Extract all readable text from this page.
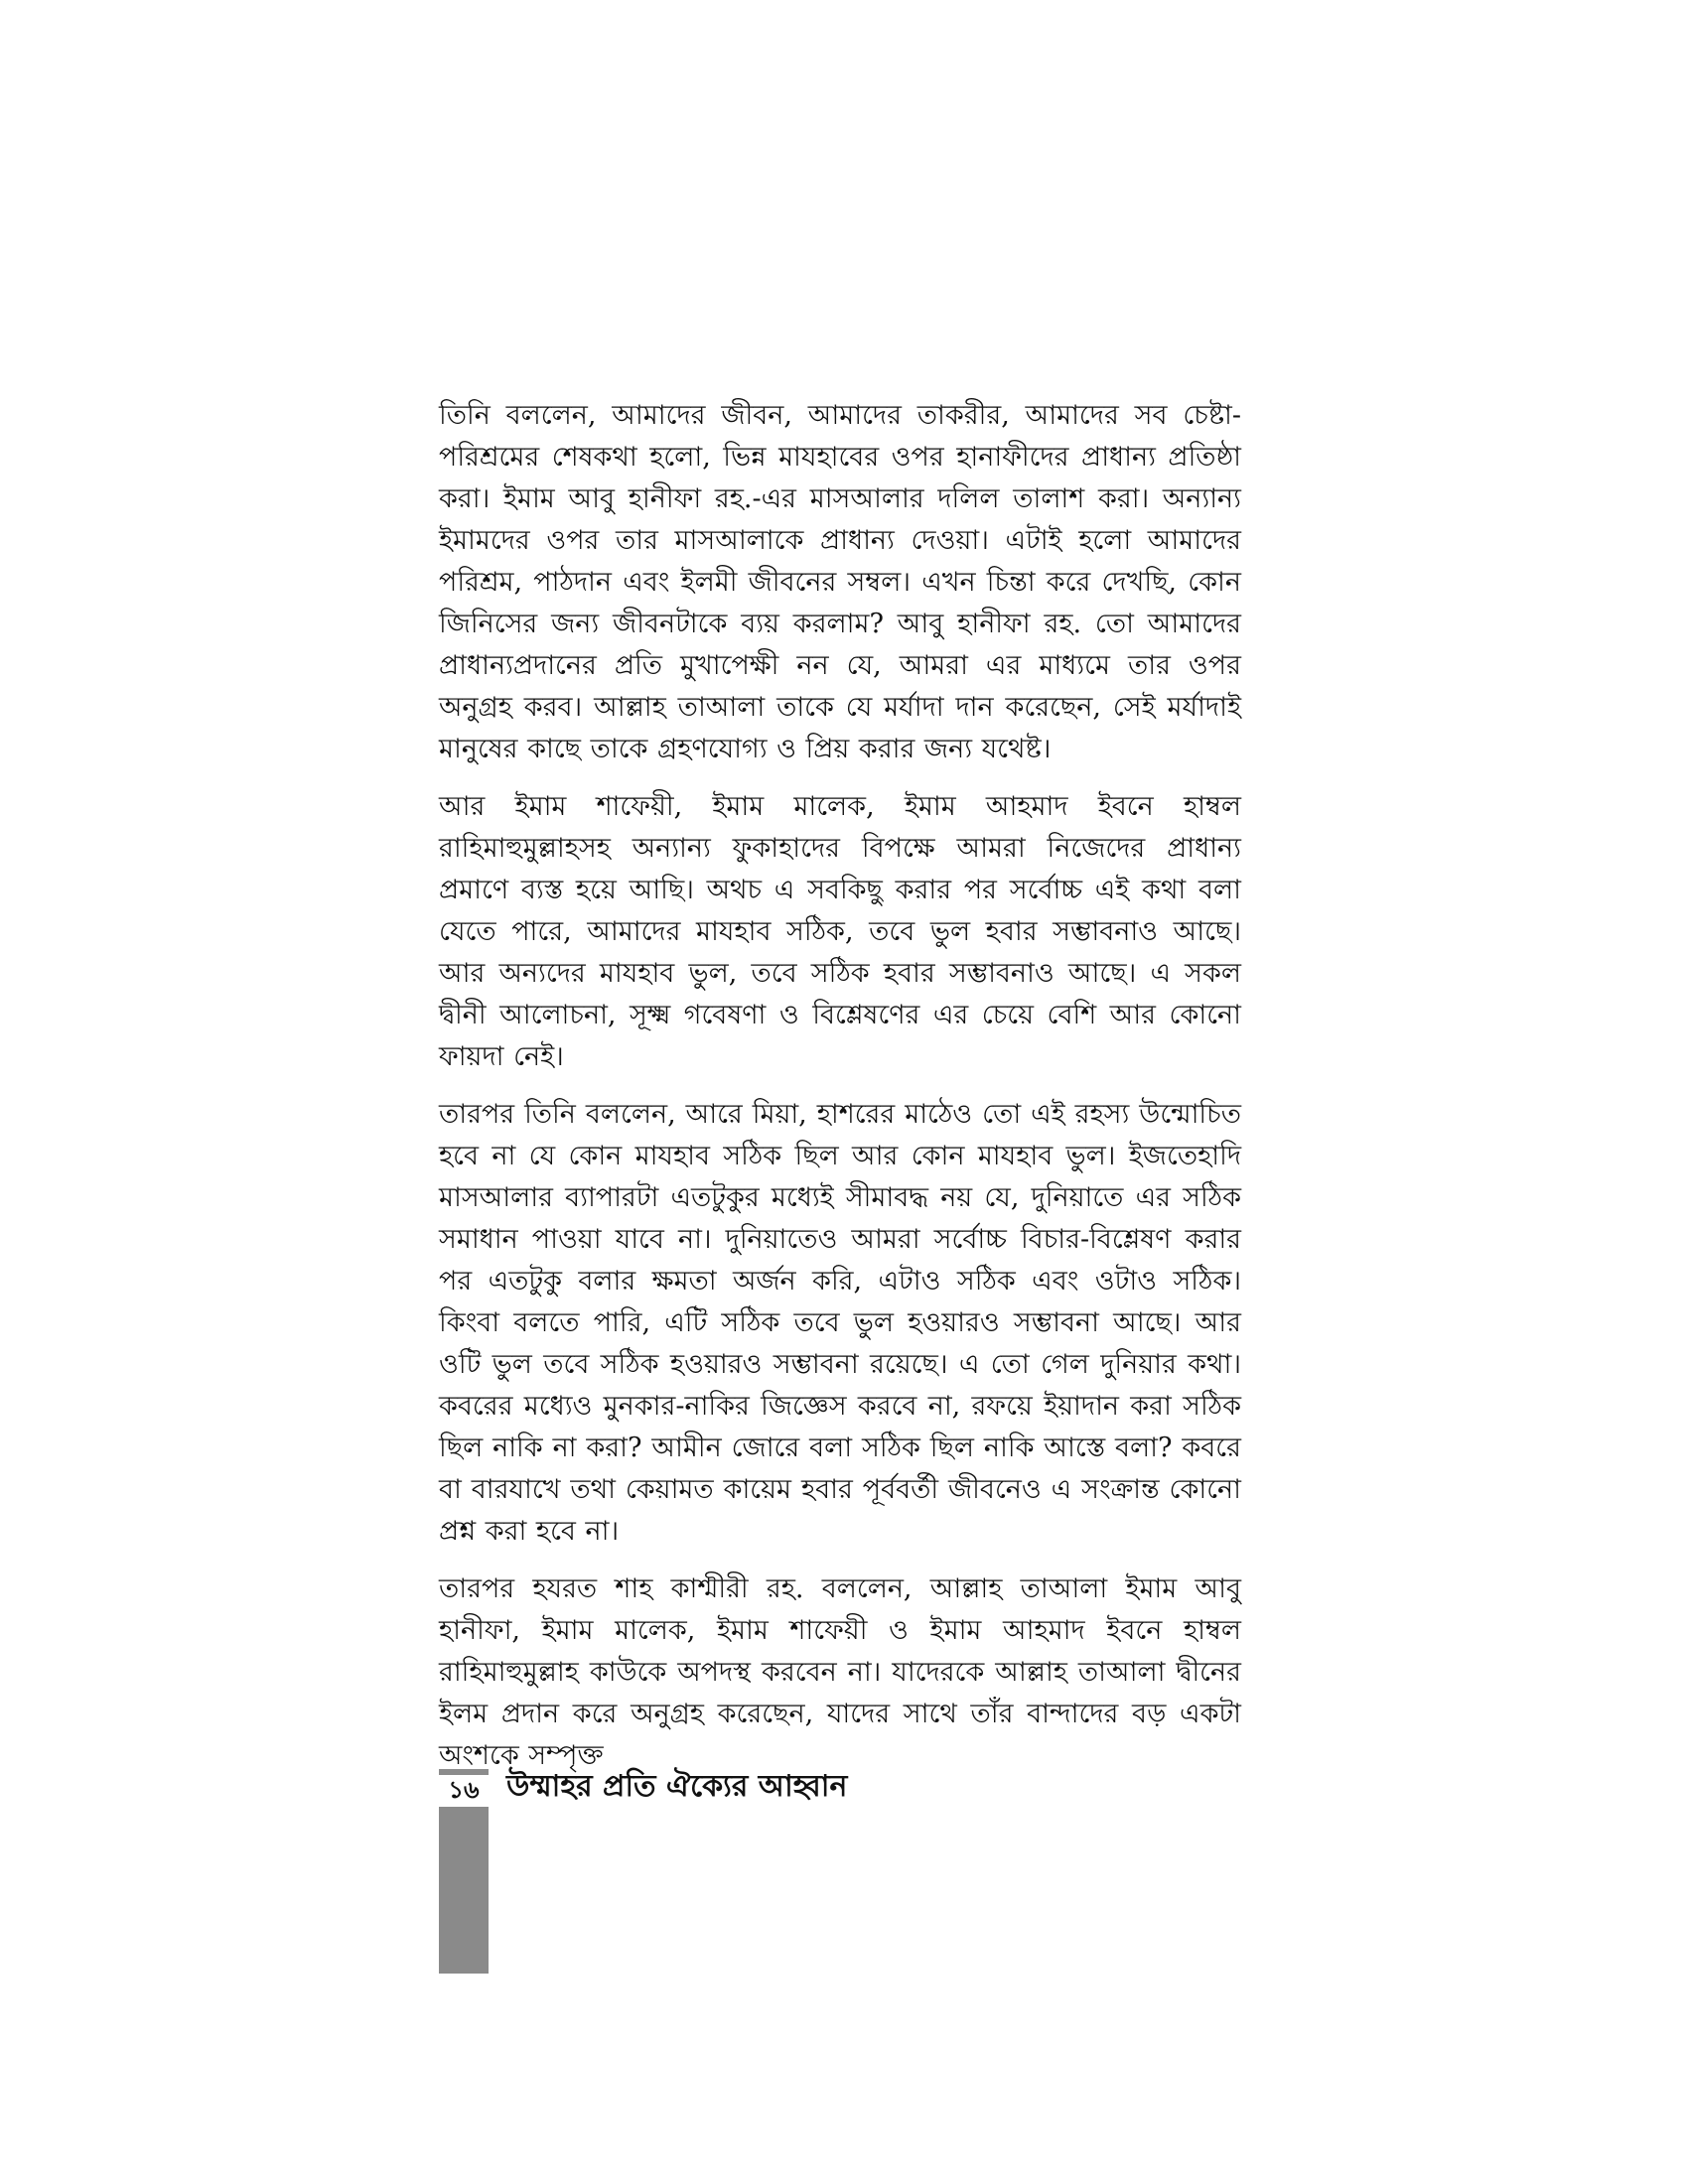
তিনি বললেন, আমাদের জীবন, আমাদের তাকরীর, আমাদের সব চেষ্টা-পরিশ্রমের শেষকথা হলো, ভিন্ন মাযহাবের ওপর হানাফীদের প্রাধান্য প্রতিষ্ঠা করা। ইমাম আবু হানীফা রহ.-এর মাসআলার দলিল তালাশ করা। অন্যান্য ইমামদের ওপর তার মাসআলাকে প্রাধান্য দেওয়া। এটাই হলো আমাদের পরিশ্রম, পাঠদান এবং ইলমী জীবনের সম্বল। এখন চিন্তা করে দেখছি, কোন জিনিসের জন্য জীবনটাকে ব্যয় করলাম? আবু হানীফা রহ. তো আমাদের প্রাধান্যপ্রদানের প্রতি মুখাপেক্ষী নন যে, আমরা এর মাধ্যমে তার ওপর অনুগ্রহ করব। আল্লাহ তাআলা তাকে যে মর্যাদা দান করেছেন, সেই মর্যাদাই মানুষের কাছে তাকে গ্রহণযোগ্য ও প্রিয় করার জন্য যথেষ্ট।

আর ইমাম শাফেয়ী, ইমাম মালেক, ইমাম আহমাদ ইবনে হাম্বল রাহিমাহুমুল্লাহসহ অন্যান্য ফুকাহাদের বিপক্ষে আমরা নিজেদের প্রাধান্য প্রমাণে ব্যস্ত হয়ে আছি। অথচ এ সবকিছু করার পর সর্বোচ্চ এই কথা বলা যেতে পারে, আমাদের মাযহাব সঠিক, তবে ভুল হবার সম্ভাবনাও আছে। আর অন্যদের মাযহাব ভুল, তবে সঠিক হবার সম্ভাবনাও আছে। এ সকল দ্বীনী আলোচনা, সূক্ষ্ম গবেষণা ও বিশ্লেষণের এর চেয়ে বেশি আর কোনো ফায়দা নেই।

তারপর তিনি বললেন, আরে মিয়া, হাশরের মাঠেও তো এই রহস্য উন্মোচিত হবে না যে কোন মাযহাব সঠিক ছিল আর কোন মাযহাব ভুল। ইজতেহাদি মাসআলার ব্যাপারটা এতটুকুর মধ্যেই সীমাবদ্ধ নয় যে, দুনিয়াতে এর সঠিক সমাধান পাওয়া যাবে না। দুনিয়াতেও আমরা সর্বোচ্চ বিচার-বিশ্লেষণ করার পর এতটুকু বলার ক্ষমতা অর্জন করি, এটাও সঠিক এবং ওটাও সঠিক। কিংবা বলতে পারি, এটি সঠিক তবে ভুল হওয়ারও সম্ভাবনা আছে। আর ওটি ভুল তবে সঠিক হওয়ারও সম্ভাবনা রয়েছে। এ তো গেল দুনিয়ার কথা। কবরের মধ্যেও মুনকার-নাকির জিজ্ঞেস করবে না, রফয়ে ইয়াদান করা সঠিক ছিল নাকি না করা? আমীন জোরে বলা সঠিক ছিল নাকি আস্তে বলা? কবরে বা বারযাখে তথা কেয়ামত কায়েম হবার পূর্ববর্তী জীবনেও এ সংক্রান্ত কোনো প্রশ্ন করা হবে না।

তারপর হযরত শাহ কাশ্মীরী রহ. বললেন, আল্লাহ তাআলা ইমাম আবু হানীফা, ইমাম মালেক, ইমাম শাফেয়ী ও ইমাম আহমাদ ইবনে হাম্বল রাহিমাহুমুল্লাহ কাউকে অপদস্থ করবেন না। যাদেরকে আল্লাহ তাআলা দ্বীনের ইলম প্রদান করে অনুগ্রহ করেছেন, যাদের সাথে তাঁর বান্দাদের বড় একটা অংশকে সম্পৃক্ত

১৬ উম্মাহর প্রতি ঐক্যের আহ্বান
